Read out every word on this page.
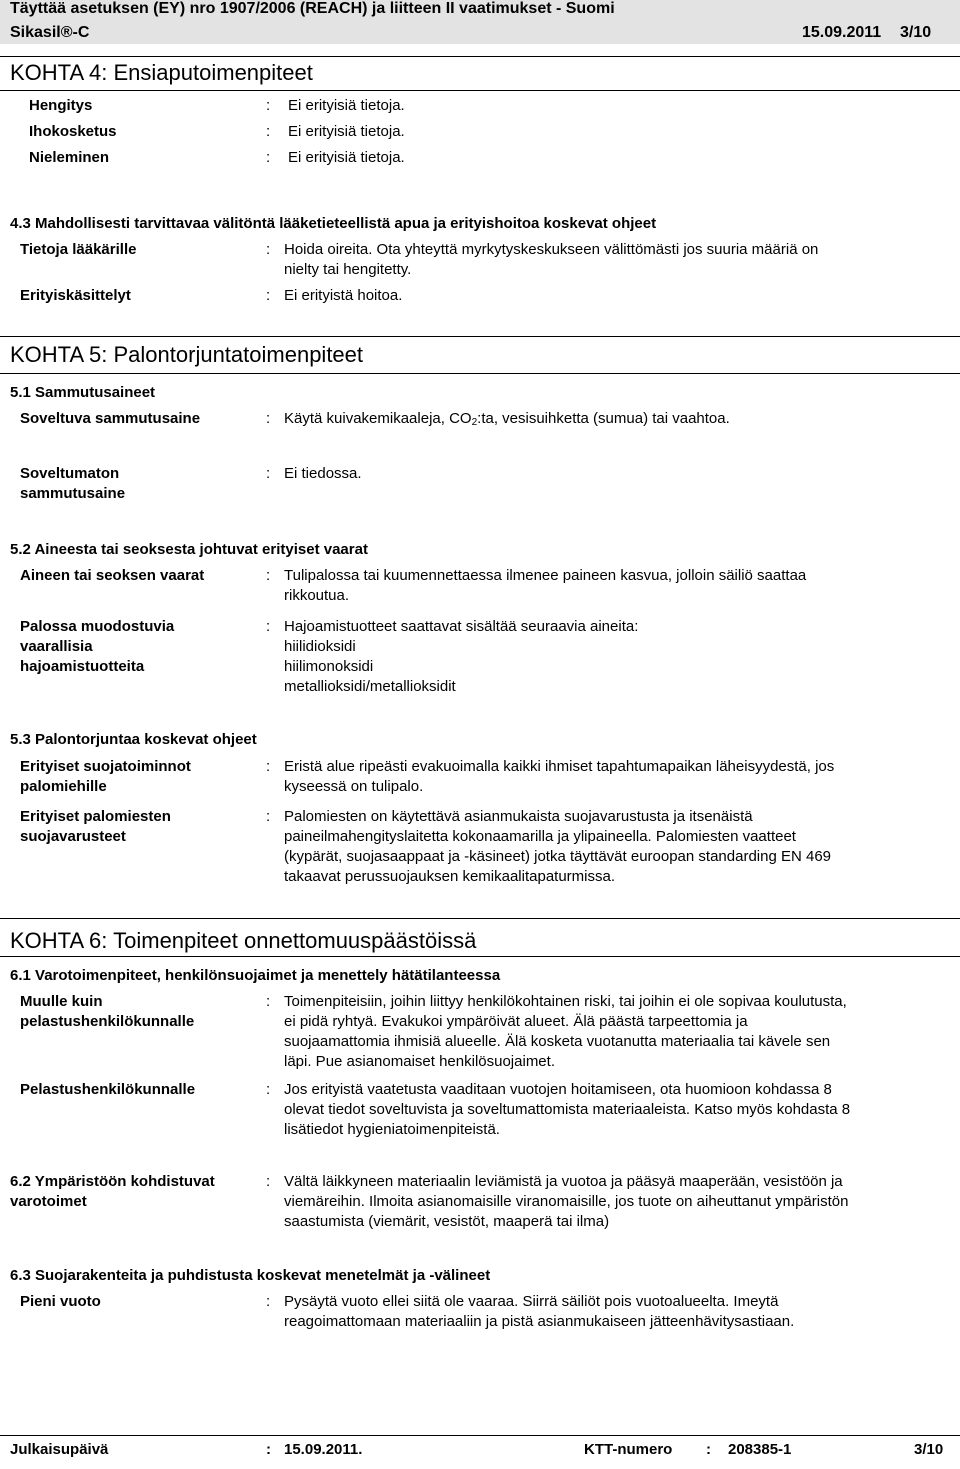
Täyttää asetuksen (EY) nro 1907/2006 (REACH) ja liitteen II vaatimukset - Suomi
Sikasil®-C	15.09.2011 3/10
KOHTA 4: Ensiaputoimenpiteet
Hengitys	: Ei erityisiä tietoja.
Ihokosketus	: Ei erityisiä tietoja.
Nieleminen	: Ei erityisiä tietoja.
4.3 Mahdollisesti tarvittavaa välitöntä lääketieteellistä apua ja erityishoitoa koskevat ohjeet
Tietoja lääkärille	: Hoida oireita. Ota yhteyttä myrkytyskeskukseen välittömästi jos suuria määriä on
nielty tai hengitetty.
Erityiskäsittelyt	: Ei erityistä hoitoa.
KOHTA 5: Palontorjuntatoimenpiteet
5.1 Sammutusaineet
Soveltuva sammutusaine	: Käytä kuivakemikaaleja, CO2:ta, vesisuihketta (sumua) tai vaahtoa.
Soveltumaton
sammutusaine
: Ei tiedossa.
5.2 Aineesta tai seoksesta johtuvat erityiset vaarat
Aineen tai seoksen vaarat	: Tulipalossa tai kuumennettaessa ilmenee paineen kasvua, jolloin säiliö saattaa
rikkoutua.
Palossa muodostuvia
vaarallisia
hajoamistuotteita
: Hajoamistuotteet saattavat sisältää seuraavia aineita:
hiilidioksidi
hiilimonoksidi
metallioksidi/metallioksidit
5.3 Palontorjuntaa koskevat ohjeet
Erityiset suojatoiminnot
palomiehille
: Eristä alue ripeästi evakuoimalla kaikki ihmiset tapahtumapaikan läheisyydestä, jos
kyseessä on tulipalo.
Erityiset palomiesten
suojavarusteet
: Palomiesten on käytettävä asianmukaista suojavarustusta ja itsenäistä
paineilmahengityslaitetta kokonaamarilla ja ylipaineella. Palomiesten vaatteet
(kypärät, suojasaappaat ja -käsineet) jotka täyttävät euroopan standarding EN 469
takaavat perussuojauksen kemikaalitapaturmissa.
KOHTA 6: Toimenpiteet onnettomuuspäästöissä
6.1 Varotoimenpiteet, henkilönsuojaimet ja menettely hätätilanteessa
Muulle kuin
pelastushenkilökunnalle
: Toimenpiteisiin, joihin liittyy henkilökohtainen riski, tai joihin ei ole sopivaa koulutusta,
ei pidä ryhtyä. Evakukoi ympäröivät alueet. Älä päästä tarpeettomia ja
suojaamattomia ihmisiä alueelle. Älä kosketa vuotanutta materiaalia tai kävele sen
läpi. Pue asianomaiset henkilösuojaimet.
Pelastushenkilökunnalle	: Jos erityistä vaatetusta vaaditaan vuotojen hoitamiseen, ota huomioon kohdassa 8
olevat tiedot soveltuvista ja soveltumattomista materiaaleista. Katso myös kohdasta 8
lisätiedot hygieniatoimenpiteistä.
6.2 Ympäristöön kohdistuvat
varotoimet
: Vältä läikkyneen materiaalin leviämistä ja vuotoa ja pääsyä maaperään, vesistöön ja
viemäreihin. Ilmoita asianomaisille viranomaisille, jos tuote on aiheuttanut ympäristön
saastumista (viemärit, vesistöt, maaperä tai ilma)
6.3 Suojarakenteita ja puhdistusta koskevat menetelmät ja -välineet
Pieni vuoto	: Pysäytä vuoto ellei siitä ole vaaraa. Siirrä säiliöt pois vuotoalueelta. Imeytä
reagoimattomaan materiaaliin ja pistä asianmukaiseen jätteenhävitysastiaan.
Julkaisupäivä	: 15.09.2011.	KTT-numero : 208385-1	3/10
